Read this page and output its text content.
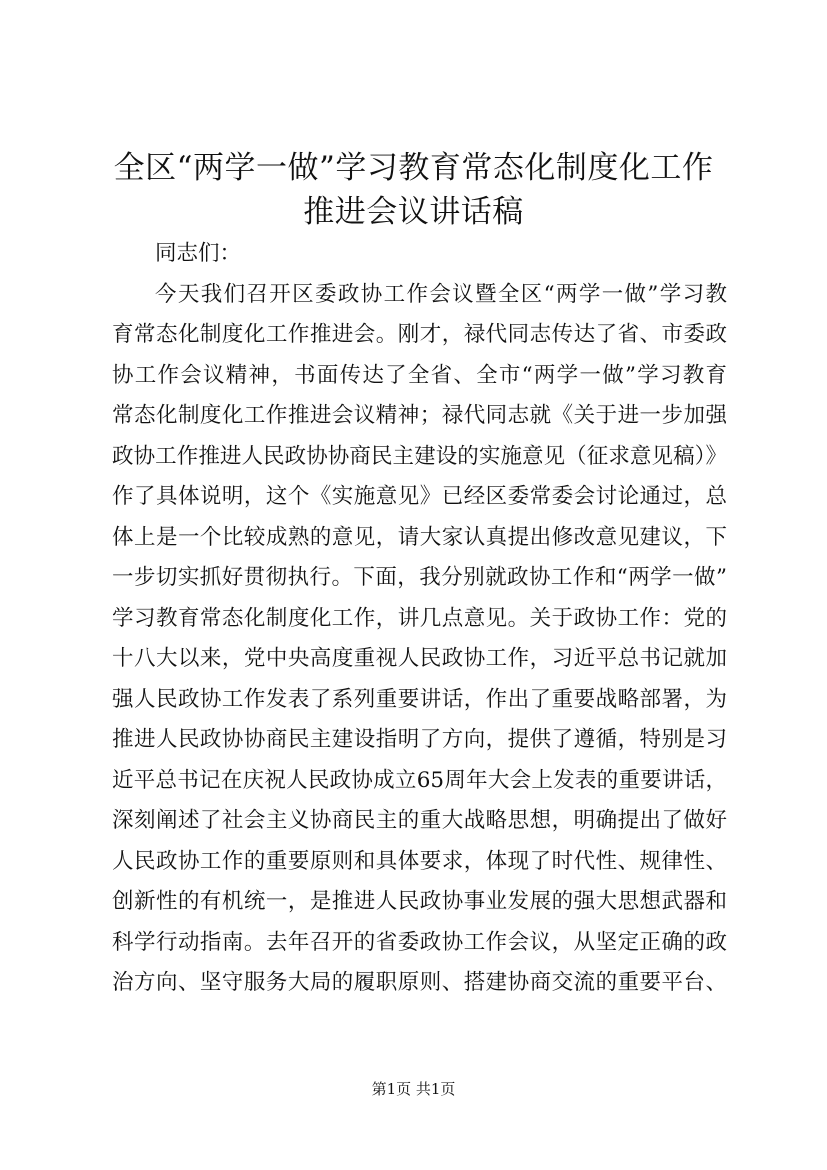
全区“两学一做”学习教育常态化制度化工作
推进会议讲话稿
同志们：
今天我们召开区委政协工作会议暨全区“两学一做”学习教
育常态化制度化工作推进会。刚才，禄代同志传达了省、市委政
协工作会议精神，书面传达了全省、全市“两学一做”学习教育
常态化制度化工作推进会议精神；禄代同志就《关于进一步加强
政协工作推进人民政协协商民主建设的实施意见（征求意见稿）》
作了具体说明，这个《实施意见》已经区委常委会讨论通过，总
体上是一个比较成熟的意见，请大家认真提出修改意见建议，下
一步切实抓好贯彻执行。下面，我分别就政协工作和“两学一做”
学习教育常态化制度化工作，讲几点意见。关于政协工作：党的
十八大以来，党中央高度重视人民政协工作，习近平总书记就加
强人民政协工作发表了系列重要讲话，作出了重要战略部署，为
推进人民政协协商民主建设指明了方向，提供了遵循，特别是习
近平总书记在庆祝人民政协成立65周年大会上发表的重要讲话，
深刻阐述了社会主义协商民主的重大战略思想，明确提出了做好
人民政协工作的重要原则和具体要求，体现了时代性、规律性、
创新性的有机统一，是推进人民政协事业发展的强大思想武器和
科学行动指南。去年召开的省委政协工作会议，从坚定正确的政
治方向、坚守服务大局的履职原则、搭建协商交流的重要平台、
第1页 共1页
